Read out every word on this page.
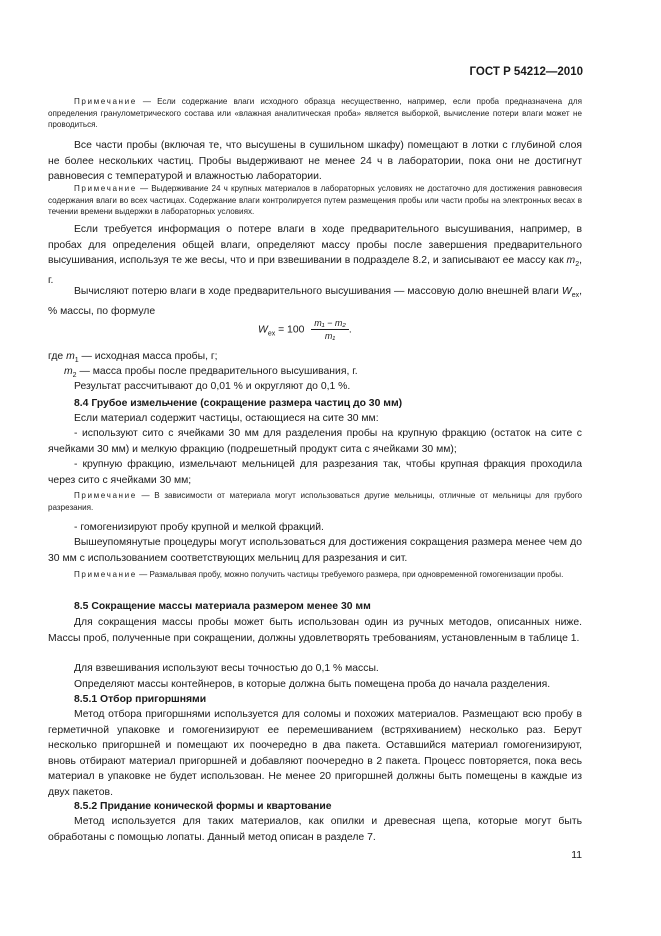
ГОСТ Р 54212—2010

Примечание — Если содержание влаги исходного образца несущественно, например, если проба предназначена для определения гранулометрического состава или «влажная аналитическая проба» является выборкой, вычисление потери влаги может не проводиться.

Все части пробы (включая те, что высушены в сушильном шкафу) помещают в лотки с глубиной слоя не более нескольких частиц. Пробы выдерживают не менее 24 ч в лаборатории, пока они не достигнут равновесия с температурой и влажностью лаборатории.

Примечание — Выдерживание 24 ч крупных материалов в лабораторных условиях не достаточно для достижения равновесия содержания влаги во всех частицах. Содержание влаги контролируется путем размещения пробы или части пробы на электронных весах в течении времени выдержки в лабораторных условиях.

Если требуется информация о потере влаги в ходе предварительного высушивания, например, в пробах для определения общей влаги, определяют массу пробы после завершения предварительного высушивания, используя те же весы, что и при взвешивании в подразделе 8.2, и записывают ее массу как $m_2$, г.

Вычисляют потерю влаги в ходе предварительного высушивания — массовую долю внешней влаги $W_{ex}$, % массы, по формуле

$W_{ex} = 100 \frac{\text{m₁ − m₂}}{\text{m₁}}$ .

где $m_1$ — исходная масса пробы, г;

$m_2$ — масса пробы после предварительного высушивания, г.

Результат рассчитывают до 0,01 % и округляют до 0,1 %.

8.4 Грубое измельчение (сокращение размера частиц до 30 мм)

Если материал содержит частицы, остающиеся на сите 30 мм:

- используют сито с ячейками 30 мм для разделения пробы на крупную фракцию (остаток на сите с ячейками 30 мм) и мелкую фракцию (подрешетный продукт сита с ячейками 30 мм);

- крупную фракцию, измельчают мельницей для разрезания так, чтобы крупная фракция проходила через сито с ячейками 30 мм;

Примечание — В зависимости от материала могут использоваться другие мельницы, отличные от мельницы для грубого разрезания.

- гомогенизируют пробу крупной и мелкой фракций.

Вышеупомянутые процедуры могут использоваться для достижения сокращения размера менее чем до 30 мм с использованием соответствующих мельниц для разрезания и сит.

Примечание — Размалывая пробу, можно получить частицы требуемого размера, при одновременной гомогенизации пробы.

8.5 Сокращение массы материала размером менее 30 мм

Для сокращения массы пробы может быть использован один из ручных методов, описанных ниже. Массы проб, полученные при сокращении, должны удовлетворять требованиям, установленным в таблице 1.

Для взвешивания используют весы точностью до 0,1 % массы.

Определяют массы контейнеров, в которые должна быть помещена проба до начала разделения.

8.5.1 Отбор пригоршнями

Метод отбора пригоршнями используется для соломы и похожих материалов. Размещают всю пробу в герметичной упаковке и гомогенизируют ее перемешиванием (встряхиванием) несколько раз. Берут несколько пригоршней и помещают их поочередно в два пакета. Оставшийся материал гомогенизируют, вновь отбирают материал пригоршней и добавляют поочередно в 2 пакета. Процесс повторяется, пока весь материал в упаковке не будет использован. Не менее 20 пригоршней должны быть помещены в каждые из двух пакетов.

8.5.2 Придание конической формы и квартование

Метод используется для таких материалов, как опилки и древесная щепа, которые могут быть обработаны с помощью лопаты. Данный метод описан в разделе 7.

11
